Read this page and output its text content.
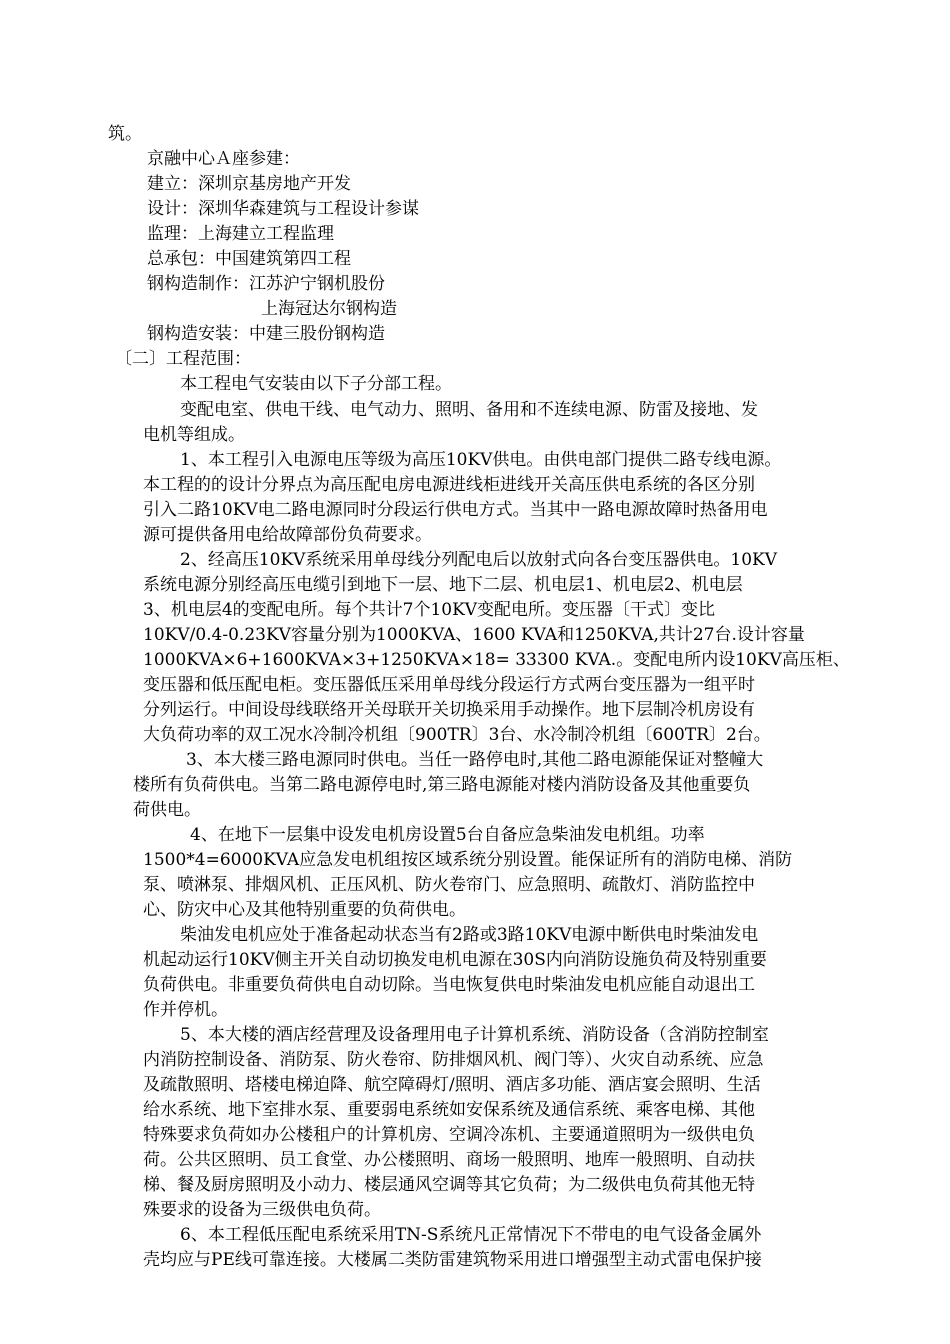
筑。
京融中心Ａ座参建：
建立：深圳京基房地产开发
设计：深圳华森建筑与工程设计参谋
监理：上海建立工程监理
总承包：中国建筑第四工程
钢构造制作：江苏沪宁钢机股份
上海冠达尔钢构造
钢构造安装：中建三股份钢构造
〔二〕工程范围：
本工程电气安装由以下子分部工程。
变配电室、供电干线、电气动力、照明、备用和不连续电源、防雷及接地、发
电机等组成。
1、本工程引入电源电压等级为高压10KV供电。由供电部门提供二路专线电源。
本工程的的设计分界点为高压配电房电源进线柜进线开关高压供电系统的各区分别
引入二路10KV电二路电源同时分段运行供电方式。当其中一路电源故障时热备用电
源可提供备用电给故障部份负荷要求。
2、经高压10KV系统采用单母线分列配电后以放射式向各台变压器供电。10KV
系统电源分别经高压电缆引到地下一层、地下二层、机电层1、机电层2、机电层
3、机电层4的变配电所。每个共计7个10KV变配电所。变压器〔干式〕变比
10KV/0.4-0.23KV容量分别为1000KVA、1600 KVA和1250KVA,共计27台.设计容量
1000KVA×6+1600KVA×3+1250KVA×18= 33300 KVA.。变配电所内设10KV高压柜、
变压器和低压配电柜。变压器低压采用单母线分段运行方式两台变压器为一组平时
分列运行。中间设母线联络开关母联开关切换采用手动操作。地下层制冷机房设有
大负荷功率的双工况水冷制冷机组〔900TR〕3台、水冷制冷机组〔600TR〕2台。
3、本大楼三路电源同时供电。当任一路停电时,其他二路电源能保证对整幢大
楼所有负荷供电。当第二路电源停电时,第三路电源能对楼内消防设备及其他重要负
荷供电。
4、在地下一层集中设发电机房设置5台自备应急柴油发电机组。功率
1500*4=6000KVA应急发电机组按区域系统分别设置。能保证所有的消防电梯、消防
泵、喷淋泵、排烟风机、正压风机、防火卷帘门、应急照明、疏散灯、消防监控中
心、防灾中心及其他特别重要的负荷供电。
柴油发电机应处于准备起动状态当有2路或3路10KV电源中断供电时柴油发电
机起动运行10KV侧主开关自动切换发电机电源在30S内向消防设施负荷及特别重要
负荷供电。非重要负荷供电自动切除。当电恢复供电时柴油发电机应能自动退出工
作并停机。
5、本大楼的酒店经营理及设备理用电子计算机系统、消防设备（含消防控制室
内消防控制设备、消防泵、防火卷帘、防排烟风机、阀门等）、火灾自动系统、应急
及疏散照明、塔楼电梯迫降、航空障碍灯/照明、酒店多功能、酒店宴会照明、生活
给水系统、地下室排水泵、重要弱电系统如安保系统及通信系统、乘客电梯、其他
特殊要求负荷如办公楼租户的计算机房、空调冷冻机、主要通道照明为一级供电负
荷。公共区照明、员工食堂、办公楼照明、商场一般照明、地库一般照明、自动扶
梯、餐及厨房照明及小动力、楼层通风空调等其它负荷；为二级供电负荷其他无特
殊要求的设备为三级供电负荷。
6、本工程低压配电系统采用TN-S系统凡正常情况下不带电的电气设备金属外
壳均应与PE线可靠连接。大楼属二类防雷建筑物采用进口增强型主动式雷电保护接
